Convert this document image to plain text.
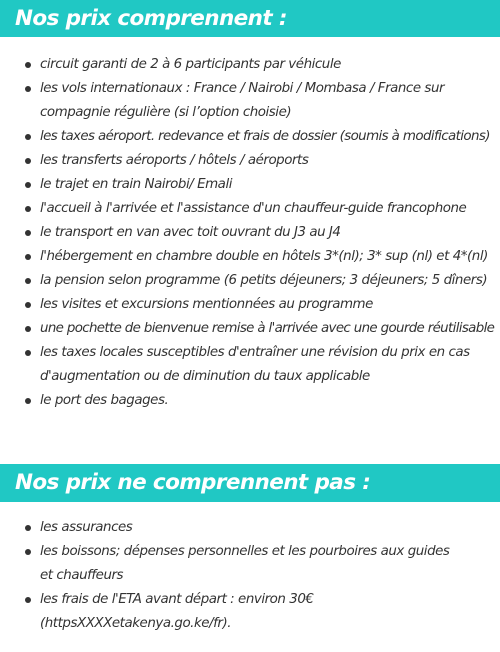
Nos prix comprennent :
circuit garanti de 2 à 6 participants par véhicule
les vols internationaux : France / Nairobi / Mombasa / France sur compagnie régulière (si l’option choisie)
les taxes aéroport. redevance et frais de dossier (soumis à modifications)
les transferts aéroports / hôtels / aéroports
le trajet en train Nairobi/ Emali
l'accueil à l'arrivée et l'assistance d'un chauffeur-guide francophone
le transport en van avec toit ouvrant du J3 au J4
l'hébergement en chambre double en hôtels 3*(nl); 3* sup (nl) et 4*(nl)
la pension selon programme (6 petits déjeuners; 3 déjeuners; 5 dîners)
les visites et excursions mentionnées au programme
une pochette de bienvenue remise à l'arrivée avec une gourde réutilisable
les taxes locales susceptibles d'entraîner une révision du prix en cas d'augmentation ou de diminution du taux applicable
le port des bagages.
Nos prix ne comprennent pas :
les assurances
les boissons; dépenses personnelles et les pourboires aux guides et chauffeurs
les frais de l'ETA avant départ : environ 30€ (httpsXXXXetakenya.go.ke/fr).
